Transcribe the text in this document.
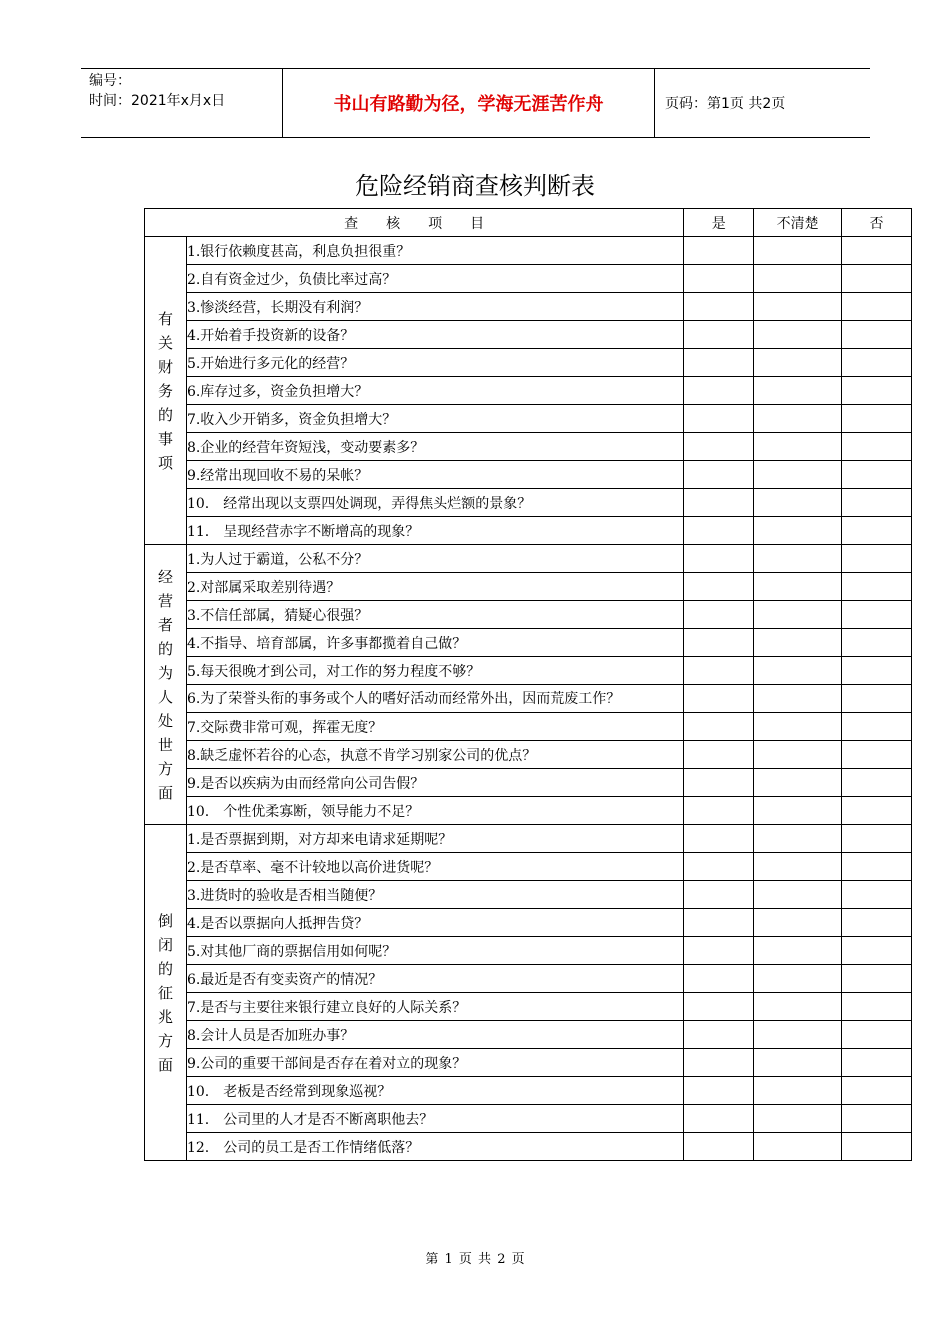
编号：
时间：2021年x月x日	书山有路勤为径，学海无涯苦作舟	页码：第1页 共2页
危险经销商查核判断表
查　　核　　项　　目		是	不清楚	否
有关财务的事项	1.银行依赖度甚高，利息负担很重？			
	2.自有资金过少，负债比率过高？			
	3.惨淡经营，长期没有利润？			
	4.开始着手投资新的设备？			
	5.开始进行多元化的经营？			
	6.库存过多，资金负担增大？			
	7.收入少开销多，资金负担增大？			
	8.企业的经营年资短浅，变动要素多？			
	9.经常出现回收不易的呆帐？			
	10.　经常出现以支票四处调现，弄得焦头烂额的景象？			
	11.　呈现经营赤字不断增高的现象？			
经营者的为人处世方面	1.为人过于霸道，公私不分？			
	2.对部属采取差别待遇？			
	3.不信任部属，猜疑心很强？			
	4.不指导、培育部属，许多事都揽着自己做？			
	5.每天很晚才到公司，对工作的努力程度不够？			
	6.为了荣誉头衔的事务或个人的嗜好活动而经常外出，因而荒废工作？			
	7.交际费非常可观，挥霍无度？			
	8.缺乏虚怀若谷的心态，执意不肯学习别家公司的优点？			
	9.是否以疾病为由而经常向公司告假？			
	10.　个性优柔寡断，领导能力不足？			
倒闭的征兆方面	1.是否票据到期，对方却来电请求延期呢？			
	2.是否草率、毫不计较地以高价进货呢？			
	3.进货时的验收是否相当随便？			
	4.是否以票据向人抵押告贷？			
	5.对其他厂商的票据信用如何呢？			
	6.最近是否有变卖资产的情况？			
	7.是否与主要往来银行建立良好的人际关系？			
	8.会计人员是否加班办事？			
	9.公司的重要干部间是否存在着对立的现象？			
	10.　老板是否经常到现象巡视？			
	11.　公司里的人才是否不断离职他去？			
	12.　公司的员工是否工作情绪低落？			
第 1 页 共 2 页
